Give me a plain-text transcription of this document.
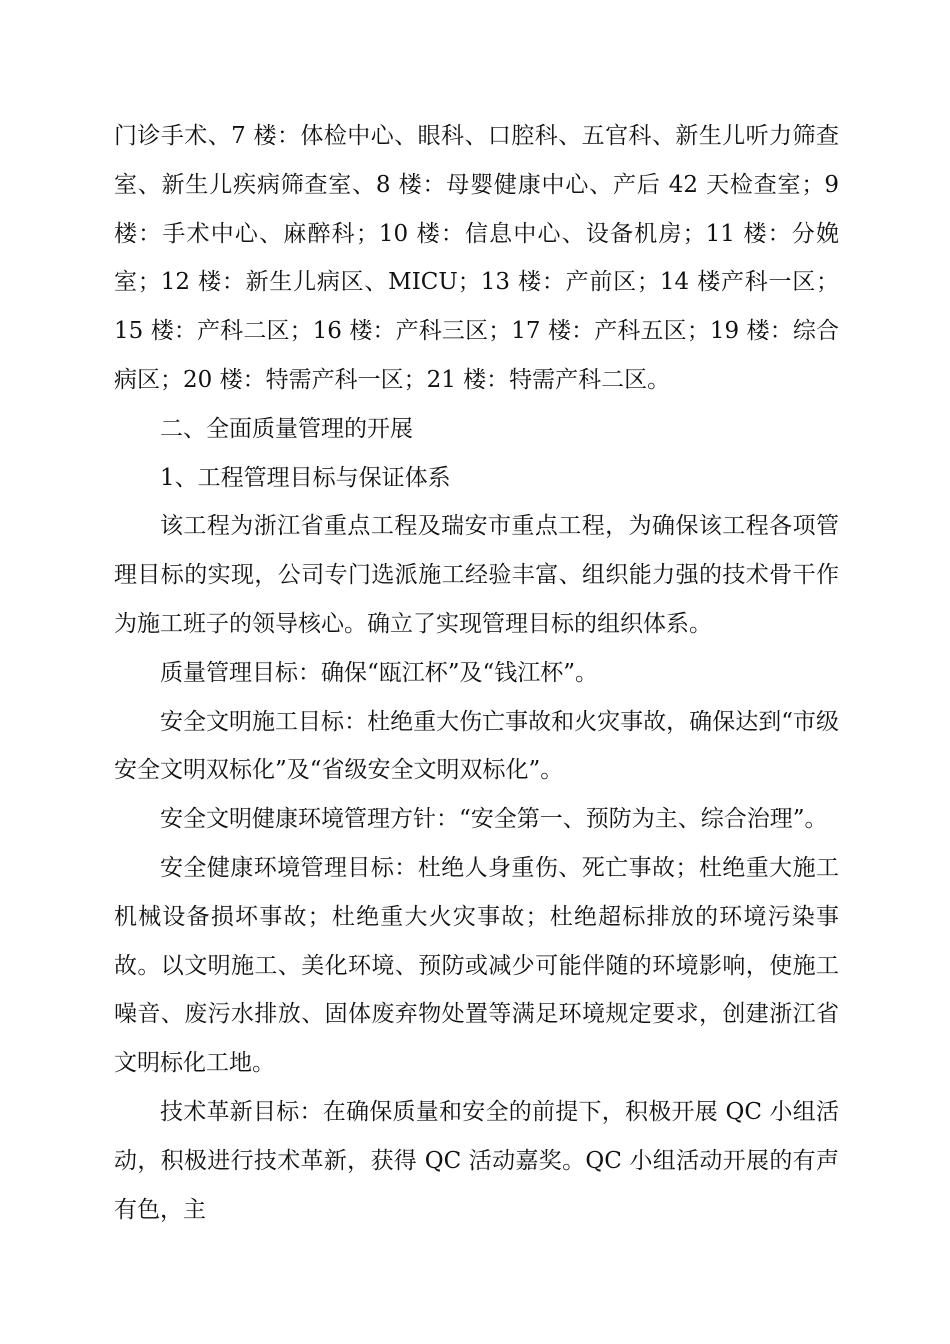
门诊手术、7 楼：体检中心、眼科、口腔科、五官科、新生儿听力筛查室、新生儿疾病筛查室、8 楼：母婴健康中心、产后 42 天检查室；9 楼：手术中心、麻醉科；10 楼：信息中心、设备机房；11 楼：分娩室；12 楼：新生儿病区、MICU；13 楼：产前区；14 楼产科一区；15 楼：产科二区；16 楼：产科三区；17 楼：产科五区；19 楼：综合病区；20 楼：特需产科一区；21 楼：特需产科二区。

二、全面质量管理的开展

1、工程管理目标与保证体系

该工程为浙江省重点工程及瑞安市重点工程，为确保该工程各项管理目标的实现，公司专门选派施工经验丰富、组织能力强的技术骨干作为施工班子的领导核心。确立了实现管理目标的组织体系。

质量管理目标：确保“瓯江杯”及“钱江杯”。

安全文明施工目标：杜绝重大伤亡事故和火灾事故，确保达到“市级安全文明双标化”及“省级安全文明双标化”。

安全文明健康环境管理方针：“安全第一、预防为主、综合治理”。

安全健康环境管理目标：杜绝人身重伤、死亡事故；杜绝重大施工机械设备损坏事故；杜绝重大火灾事故；杜绝超标排放的环境污染事故。以文明施工、美化环境、预防或减少可能伴随的环境影响，使施工噪音、废污水排放、固体废弃物处置等满足环境规定要求，创建浙江省文明标化工地。

技术革新目标：在确保质量和安全的前提下，积极开展 QC 小组活动，积极进行技术革新，获得 QC 活动嘉奖。QC 小组活动开展的有声有色，主
